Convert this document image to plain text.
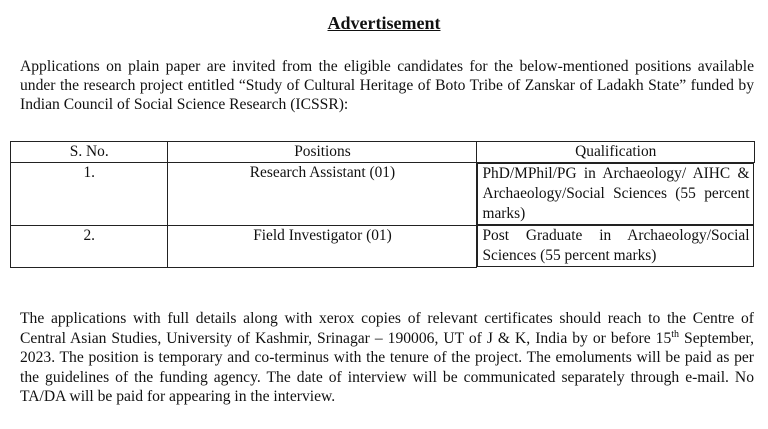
Advertisement
Applications on plain paper are invited from the eligible candidates for the below-mentioned positions available under the research project entitled “Study of Cultural Heritage of Boto Tribe of Zanskar of Ladakh State” funded by Indian Council of Social Science Research (ICSSR):
S. No.	Positions	Qualification
1.	Research Assistant (01)		PhD/MPhil/PG in Archaeology/ AIHC & Archaeology/Social Sciences (55 percent marks)

2.	Field Investigator (01)		Post Graduate in Archaeology/Social Sciences (55 percent marks)
The applications with full details along with xerox copies of relevant certificates should reach to the Centre of Central Asian Studies, University of Kashmir, Srinagar – 190006, UT of J & K, India by or before 15th September, 2023. The position is temporary and co-terminus with the tenure of the project. The emoluments will be paid as per the guidelines of the funding agency. The date of interview will be communicated separately through e-mail. No TA/DA will be paid for appearing in the interview.
